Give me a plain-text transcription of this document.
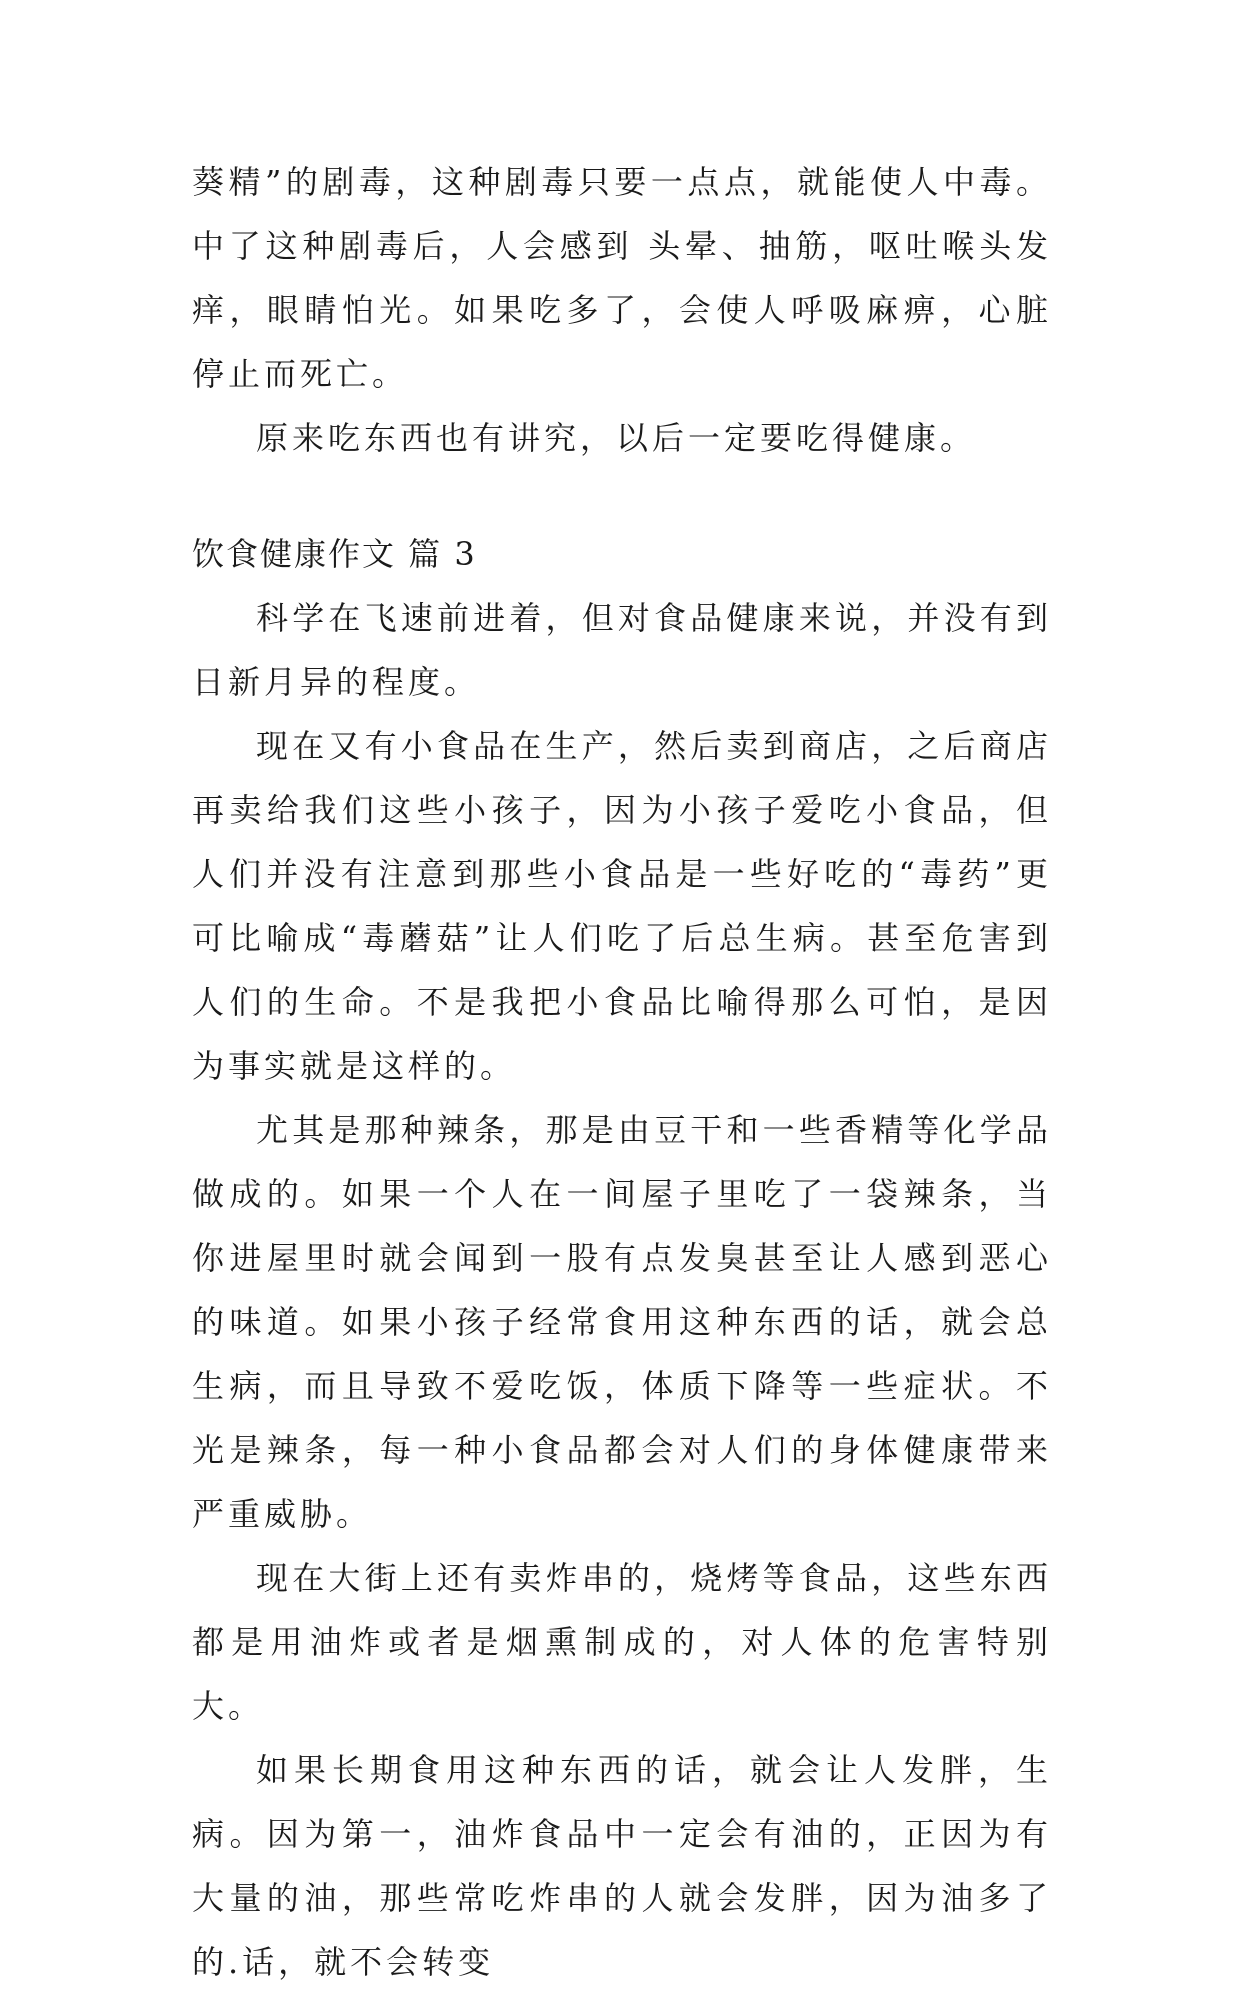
葵精”的剧毒，这种剧毒只要一点点，就能使人中毒。中了这种剧毒后，人会感到 头晕、抽筋，呕吐喉头发痒，眼睛怕光。如果吃多了，会使人呼吸麻痹，心脏停止而死亡。

原来吃东西也有讲究，以后一定要吃得健康。

饮食健康作文 篇 3

科学在飞速前进着，但对食品健康来说，并没有到日新月异的程度。

现在又有小食品在生产，然后卖到商店，之后商店再卖给我们这些小孩子，因为小孩子爱吃小食品，但人们并没有注意到那些小食品是一些好吃的“毒药”更可比喻成“毒蘑菇”让人们吃了后总生病。甚至危害到人们的生命。不是我把小食品比喻得那么可怕，是因为事实就是这样的。

尤其是那种辣条，那是由豆干和一些香精等化学品做成的。如果一个人在一间屋子里吃了一袋辣条，当你进屋里时就会闻到一股有点发臭甚至让人感到恶心的味道。如果小孩子经常食用这种东西的话，就会总生病，而且导致不爱吃饭，体质下降等一些症状。不光是辣条，每一种小食品都会对人们的身体健康带来严重威胁。

现在大街上还有卖炸串的，烧烤等食品，这些东西都是用油炸或者是烟熏制成的，对人体的危害特别大。

如果长期食用这种东西的话，就会让人发胖，生病。因为第一，油炸食品中一定会有油的，正因为有大量的油，那些常吃炸串的人就会发胖，因为油多了的.话，就不会转变
